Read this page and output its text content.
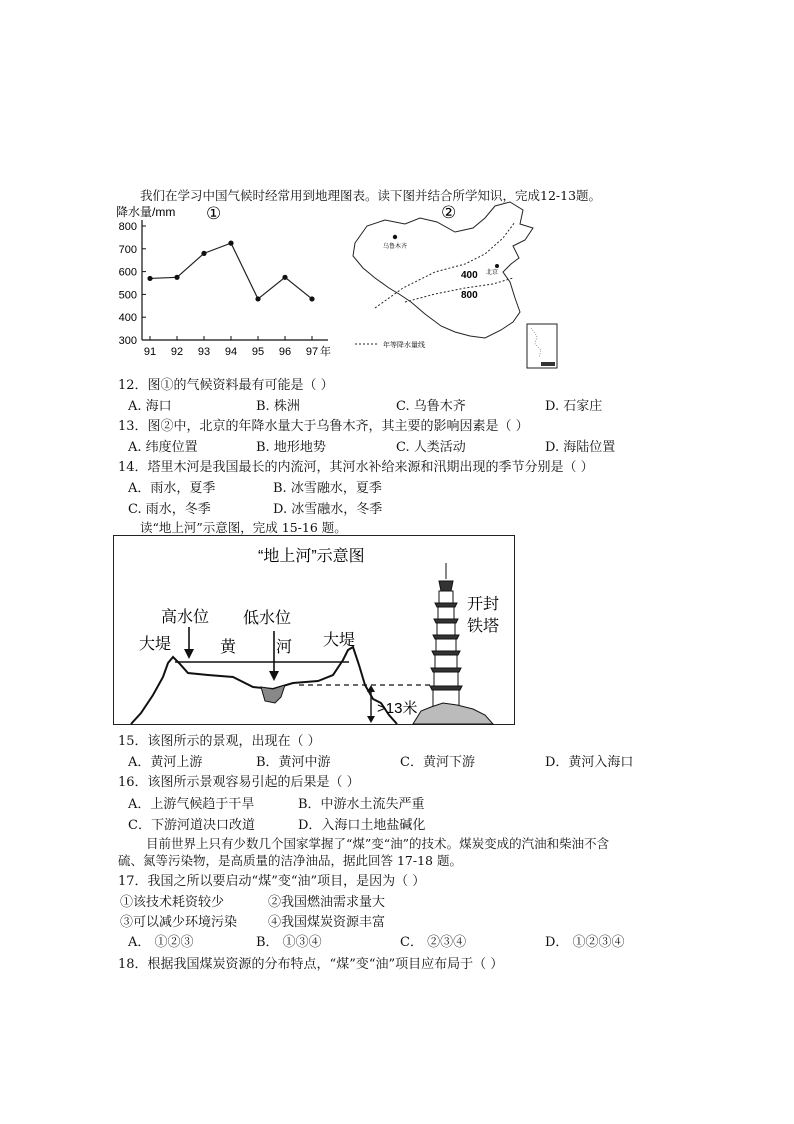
我们在学习中国气候时经常用到地理图表。读下图并结合所学知识，完成12-13题。
降水量/mm ①
300
400
500
600
700
800
91 92 93 94 95 96 97 年
②
乌鲁木齐
北京
400
800
年等降水量线
12．图①的气候资料最有可能是（ ）
A. 海口	B. 株洲	C. 乌鲁木齐	D. 石家庄
13．图②中，北京的年降水量大于乌鲁木齐，其主要的影响因素是（ ）
A. 纬度位置	B. 地形地势	C. 人类活动	D. 海陆位置
14．塔里木河是我国最长的内流河，其河水补给来源和汛期出现的季节分别是（ ）
A．雨水，夏季	B. 冰雪融水，夏季
C. 雨水，冬季	D. 冰雪融水，冬季
读“地上河”示意图，完成 15-16 题。
“地上河”示意图
高水位 低水位
大堤	大堤
黄 河
开封
铁塔
>13米
15．该图所示的景观，出现在（ ）
A．黄河上游	B．黄河中游	C．黄河下游	D．黄河入海口
16．该图所示景观容易引起的后果是（ ）
A．上游气候趋于干旱	B．中游水土流失严重
C．下游河道决口改道	D．入海口土地盐碱化
目前世界上只有少数几个国家掌握了“煤”变“油”的技术。煤炭变成的汽油和柴油不含
硫、氮等污染物，是高质量的洁净油品，据此回答 17-18 题。
17．我国之所以要启动“煤”变“油”项目，是因为（ ）
①该技术耗资较少	②我国燃油需求量大
③可以减少环境污染 ④我国煤炭资源丰富
A． ①②③	B． ①③④	C． ②③④	D． ①②③④
18．根据我国煤炭资源的分布特点，“煤”变“油”项目应布局于（ ）
